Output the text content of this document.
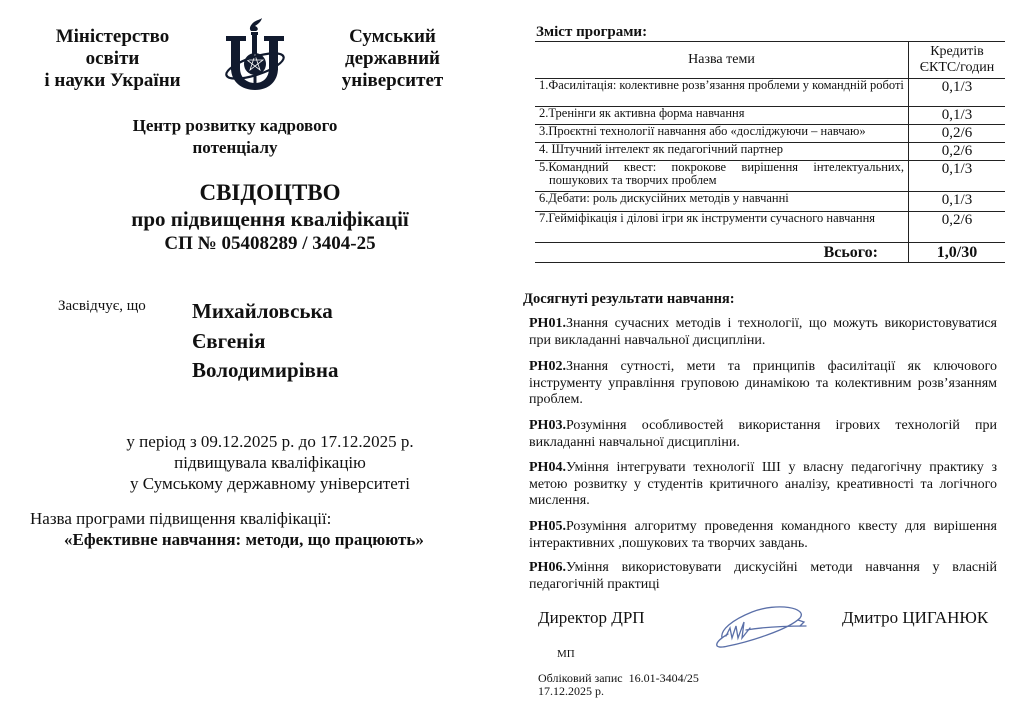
Міністерство
освіти
і науки України
Сумський
державний
університет
Центр розвитку кадрового потенціалу
СВІДОЦТВО
про підвищення кваліфікації
СП № 05408289 / 3404-25
Засвідчує, що Михайловська
Євгенія
Володимирівна
у період з 09.12.2025 р. до 17.12.2025 р.
підвищувала кваліфікацію
у Сумському державному університеті
Назва програми підвищення кваліфікації:
«Ефективне навчання: методи, що працюють»
Зміст програми:
Назва теми	Кредитів
ЄКТС/годин

1.Фасилітація: колективне розв’язання проблеми у командній роботі	0,1/3

2.Тренінги як активна форма навчання	0,1/3

3.Проєктні технології навчання або «досліджуючи – навчаю»	0,2/6

4. Штучний інтелект як педагогічний партнер	0,2/6

5.Командний квест: покрокове вирішення інтелектуальних, пошукових та творчих проблем	0,1/3

6.Дебати: роль дискусійних методів у навчанні	0,1/3

7.Гейміфікація і ділові ігри як інструменти сучасного навчання	0,2/6
Всього:	1,0/30
Досягнуті результати навчання:
РН01.Знання сучасних методів і технології, що можуть використовуватися при викладанні навчальної дисципліни.
РН02.Знання сутності, мети та принципів фасилітації як ключового інструменту управління груповою динамікою та колективним розв’язанням проблем.
РН03.Розуміння особливостей використання ігрових технологій при викладанні навчальної дисципліни.
РН04.Уміння інтегрувати технології ШІ у власну педагогічну практику з метою розвитку у студентів критичного аналізу, креативності та логічного мислення.
РН05.Розуміння алгоритму проведення командного квесту для вирішення інтерактивних ,пошукових та творчих завдань.
РН06.Уміння використовувати дискусійні методи навчання у власній педагогічній практиці
Директор ДРП	Дмитро ЦИГАНЮК
МП
Обліковий запис  16.01-3404/25
17.12.2025 р.
